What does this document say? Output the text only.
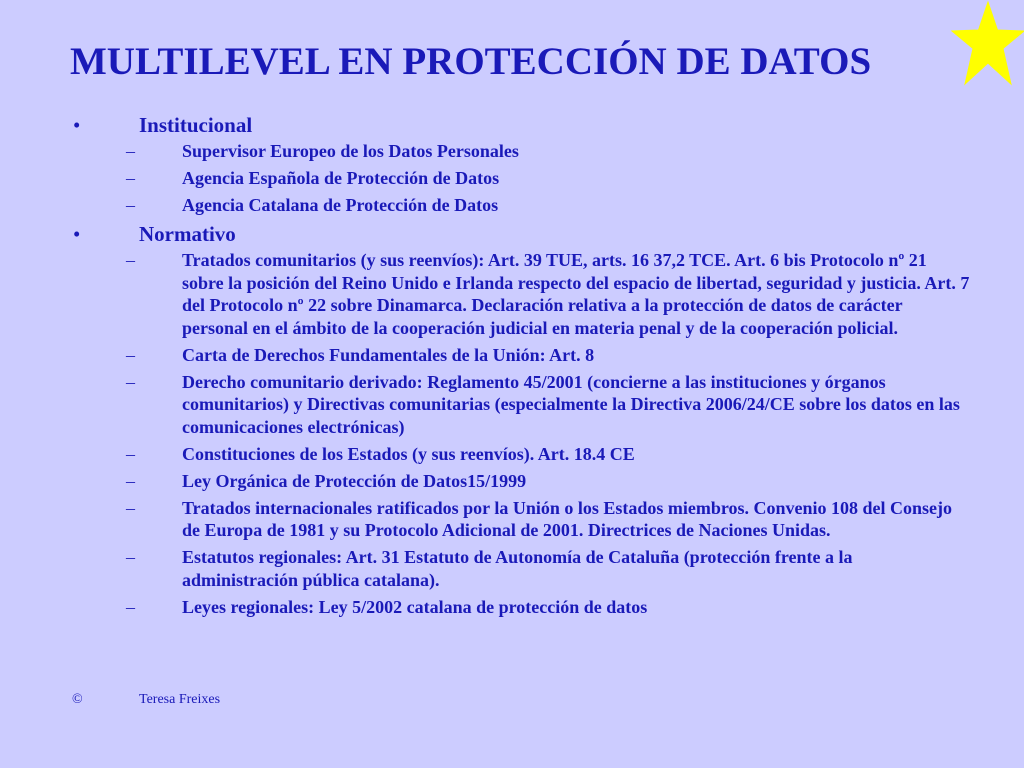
MULTILEVEL EN PROTECCIÓN DE DATOS
•	Institucional
–	Supervisor Europeo de los Datos Personales
–	Agencia Española de Protección de Datos
–	Agencia Catalana de Protección de Datos
•	Normativo
–	Tratados comunitarios (y sus reenvíos): Art. 39 TUE, arts. 16 37,2 TCE. Art. 6 bis Protocolo nº 21 sobre la posición del Reino Unido e Irlanda respecto del espacio de libertad, seguridad y justicia. Art. 7 del Protocolo nº 22 sobre Dinamarca. Declaración relativa a la protección de datos de carácter personal en el ámbito de la cooperación judicial en materia penal y de la cooperación policial.
–	Carta de Derechos Fundamentales de la Unión: Art. 8
–	Derecho comunitario derivado: Reglamento 45/2001 (concierne a las instituciones y órganos comunitarios) y Directivas comunitarias (especialmente la Directiva 2006/24/CE sobre los datos en las comunicaciones electrónicas)
–	Constituciones de los Estados (y sus reenvíos). Art. 18.4 CE
–	Ley Orgánica de Protección de Datos15/1999
–	Tratados internacionales ratificados por la Unión o los Estados miembros. Convenio 108 del Consejo de Europa de 1981 y su Protocolo Adicional de 2001. Directrices de Naciones Unidas.
–	Estatutos regionales: Art. 31 Estatuto de Autonomía de Cataluña (protección frente a la administración pública catalana).
–	Leyes regionales: Ley 5/2002 catalana de protección de datos
©	Teresa Freixes
